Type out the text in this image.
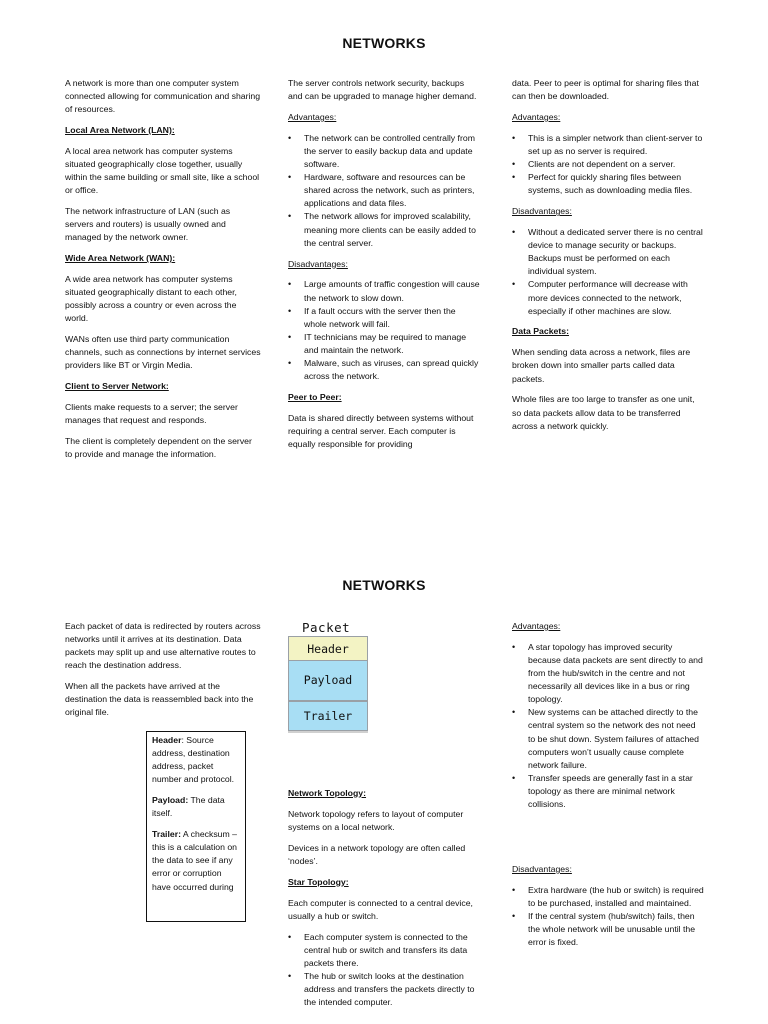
NETWORKS

A network is more than one computer system connected allowing for communication and sharing of resources.

Local Area Network (LAN):

A local area network has computer systems situated geographically close together, usually within the same building or small site, like a school or office.

The network infrastructure of LAN (such as servers and routers) is usually owned and managed by the network owner.

Wide Area Network (WAN):

A wide area network has computer systems situated geographically distant to each other, possibly across a country or even across the world.

WANs often use third party communication channels, such as connections by internet services providers like BT or Virgin Media.

Client to Server Network:

Clients make requests to a server; the server manages that request and responds.

The client is completely dependent on the server to provide and manage the information.

The server controls network security, backups and can be upgraded to manage higher demand.

Advantages:

• The network can be controlled centrally from the server to easily backup data and update software.
• Hardware, software and resources can be shared across the network, such as printers, applications and data files.
• The network allows for improved scalability, meaning more clients can be easily added to the central server.

Disadvantages:

• Large amounts of traffic congestion will cause the network to slow down.
• If a fault occurs with the server then the whole network will fail.
• IT technicians may be required to manage and maintain the network.
• Malware, such as viruses, can spread quickly across the network.

Peer to Peer:

Data is shared directly between systems without requiring a central server. Each computer is equally responsible for providing

data. Peer to peer is optimal for sharing files that can then be downloaded.

Advantages:

• This is a simpler network than client-server to set up as no server is required.
• Clients are not dependent on a server.
• Perfect for quickly sharing files between systems, such as downloading media files.

Disadvantages:

• Without a dedicated server there is no central device to manage security or backups. Backups must be performed on each individual system.
• Computer performance will decrease with more devices connected to the network, especially if other machines are slow.

Data Packets:

When sending data across a network, files are broken down into smaller parts called data packets.

Whole files are too large to transfer as one unit, so data packets allow data to be transferred across a network quickly.

NETWORKS

Each packet of data is redirected by routers across networks until it arrives at its destination. Data packets may split up and use alternative routes to reach the destination address.

When all the packets have arrived at the destination the data is reassembled back into the original file.

Header: Source address, destination address, packet number and protocol.

Payload: The data itself.

Trailer: A checksum – this is a calculation on the data to see if any error or corruption have occurred during

Packet
Header
Payload
Trailer

Network Topology:

Network topology refers to layout of computer systems on a local network.

Devices in a network topology are often called ‘nodes’.

Star Topology:

Each computer is connected to a central device, usually a hub or switch.

• Each computer system is connected to the central hub or switch and transfers its data packets there.
• The hub or switch looks at the destination address and transfers the packets directly to the intended computer.

Advantages:

• A star topology has improved security because data packets are sent directly to and from the hub/switch in the centre and not necessarily all devices like in a bus or ring topology.
• New systems can be attached directly to the central system so the network des not need to be shut down. System failures of attached computers won’t usually cause complete network failure.
• Transfer speeds are generally fast in a star topology as there are minimal network collisions.

Disadvantages:

• Extra hardware (the hub or switch) is required to be purchased, installed and maintained.
• If the central system (hub/switch) fails, then the whole network will be unusable until the error is fixed.
